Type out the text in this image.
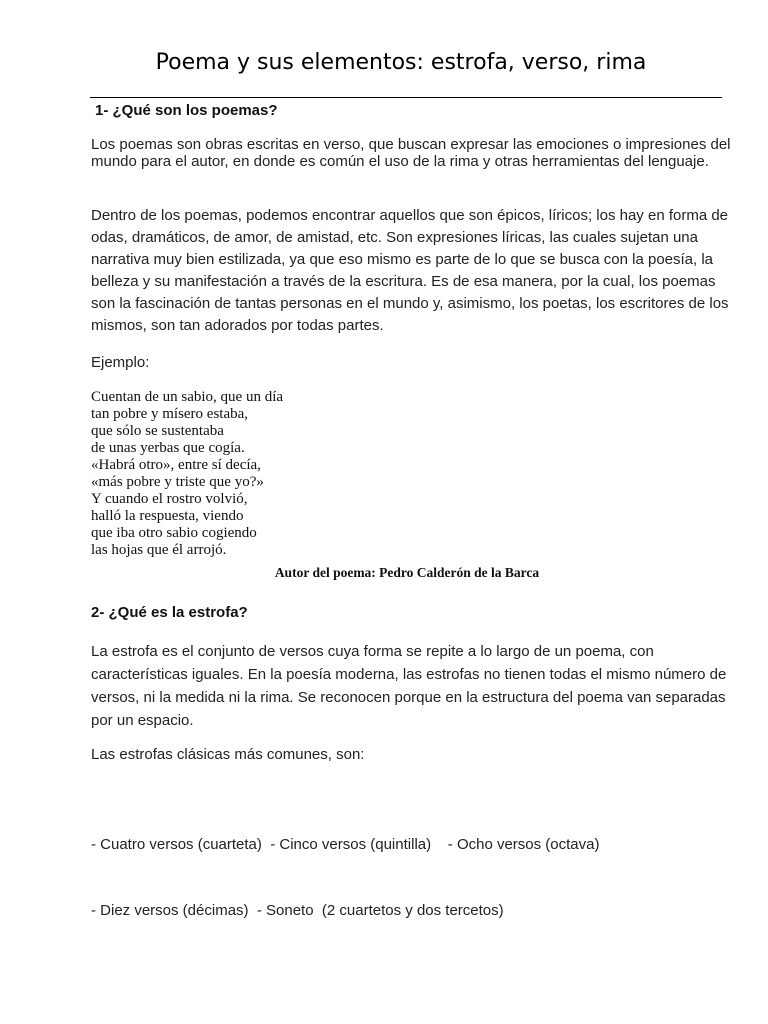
Poema y sus elementos: estrofa, verso, rima
1- ¿Qué son los poemas?
Los poemas son obras escritas en verso, que buscan expresar las emociones o impresiones del mundo para el autor, en donde es común el uso de la rima y otras herramientas del lenguaje.
Dentro de los poemas, podemos encontrar aquellos que son épicos, líricos; los hay en forma de odas, dramáticos, de amor, de amistad, etc. Son expresiones líricas, las cuales sujetan una narrativa muy bien estilizada, ya que eso mismo es parte de lo que se busca con la poesía, la belleza y su manifestación a través de la escritura. Es de esa manera, por la cual, los poemas son la fascinación de tantas personas en el mundo y, asimismo, los poetas, los escritores de los mismos, son tan adorados por todas partes.
Ejemplo:
Cuentan de un sabio, que un día
tan pobre y mísero estaba,
que sólo se sustentaba
de unas yerbas que cogía.
«Habrá otro», entre sí decía,
«más pobre y triste que yo?»
Y cuando el rostro volvió,
halló la respuesta, viendo
que iba otro sabio cogiendo
las hojas que él arrojó.
Autor del poema: Pedro Calderón de la Barca
2- ¿Qué es la estrofa?
La estrofa es el conjunto de versos cuya forma se repite a lo largo de un poema, con características iguales. En la poesía moderna, las estrofas no tienen todas el mismo número de versos, ni la medida ni la rima. Se reconocen porque en la estructura del poema van separadas por un espacio.
Las estrofas clásicas más comunes, son:

- Cuatro versos (cuarteta)  - Cinco versos (quintilla)    - Ocho versos (octava)

- Diez versos (décimas)  - Soneto  (2 cuartetos y dos tercetos)
